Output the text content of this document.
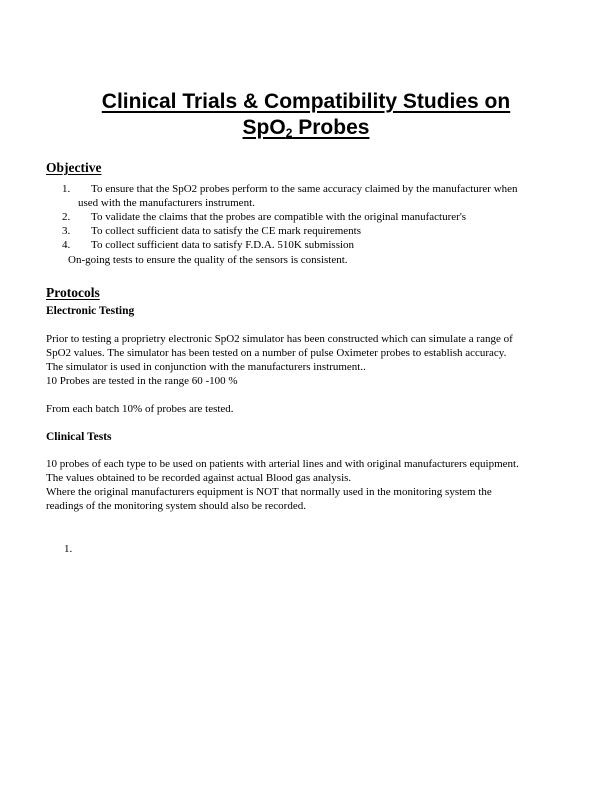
Clinical Trials & Compatibility Studies on
SpO$_2$ Probes
Objective
1. To ensure that the SpO2 probes perform to the same accuracy claimed by the manufacturer when
used with the manufacturers instrument.
2. To validate the claims that the probes are compatible with the original manufacturer's
3. To collect sufficient data to satisfy the CE mark requirements
4. To collect sufficient data to satisfy F.D.A. 510K submission
On-going tests to ensure the quality of the sensors is consistent.
Protocols
Electronic Testing
Prior to testing a proprietry electronic SpO2 simulator has been constructed which can simulate a range of
SpO2 values. The simulator has been tested on a number of pulse Oximeter probes to establish accuracy.
The simulator is used in conjunction with the manufacturers instrument..
10 Probes are tested in the range 60 -100 %
From each batch 10% of probes are tested.
Clinical Tests
10 probes of each type to be used on patients with arterial lines and with original manufacturers equipment.
The values obtained to be recorded against actual Blood gas analysis.
Where the original manufacturers equipment is NOT that normally used in the monitoring system the
readings of the monitoring system should also be recorded.
1.
